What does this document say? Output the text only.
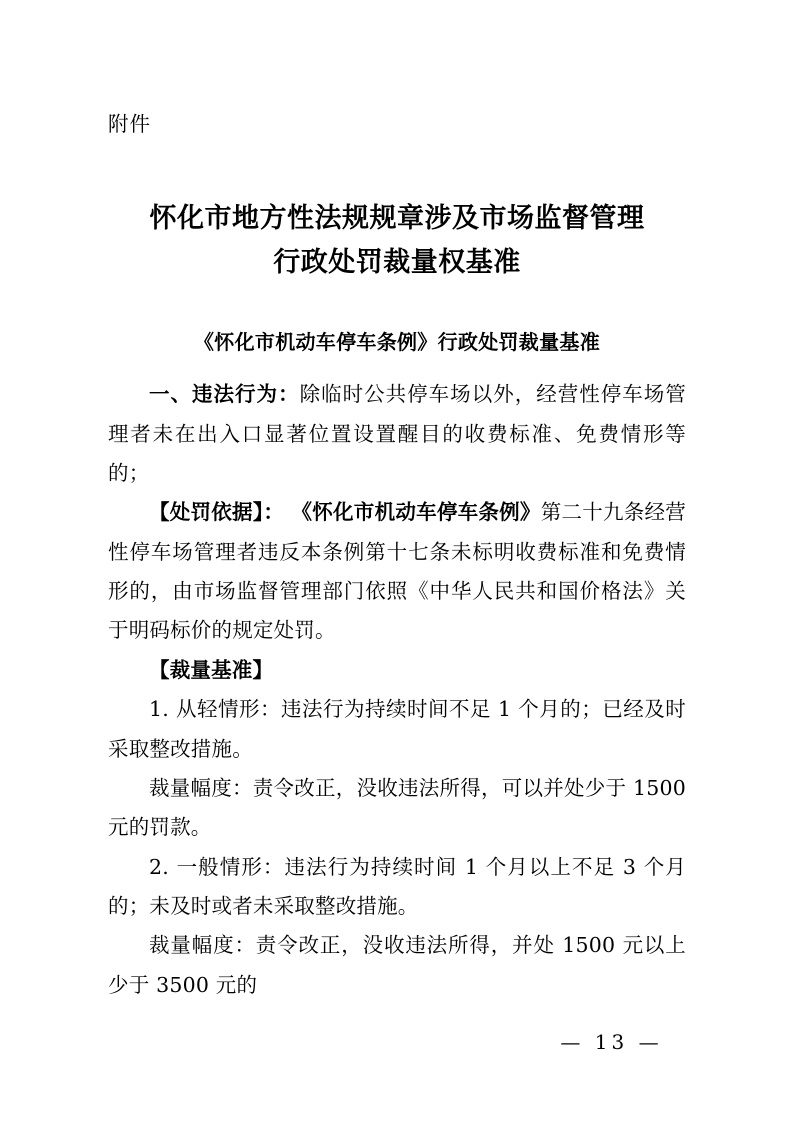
附件
怀化市地方性法规规章涉及市场监督管理
行政处罚裁量权基准
《怀化市机动车停车条例》行政处罚裁量基准

一、违法行为：除临时公共停车场以外，经营性停车场管理者未在出入口显著位置设置醒目的收费标准、免费情形等的；

【处罚依据】： 《怀化市机动车停车条例》第二十九条经营性停车场管理者违反本条例第十七条未标明收费标准和免费情形的，由市场监督管理部门依照《中华人民共和国价格法》关于明码标价的规定处罚。

【裁量基准】

1. 从轻情形：违法行为持续时间不足 1 个月的；已经及时采取整改措施。

裁量幅度：责令改正，没收违法所得，可以并处少于 1500 元的罚款。

2. 一般情形：违法行为持续时间 1 个月以上不足 3 个月的；未及时或者未采取整改措施。

裁量幅度：责令改正，没收违法所得，并处 1500 元以上少于 3500 元的

— 13 —
